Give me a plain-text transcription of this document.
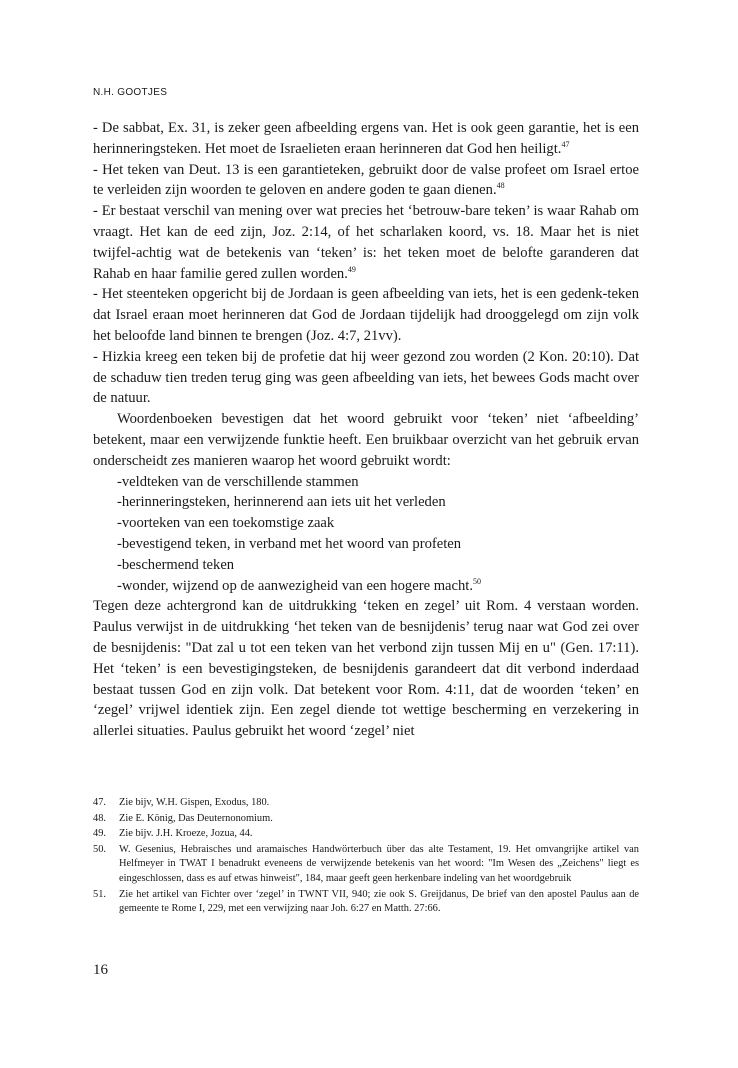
N.H. GOOTJES

- De sabbat, Ex. 31, is zeker geen afbeelding ergens van. Het is ook geen garantie, het is een herinneringsteken. Het moet de Israelieten eraan herinneren dat God hen heiligt.$^{47}$

- Het teken van Deut. 13 is een garantieteken, gebruikt door de valse profeet om Israel ertoe te verleiden zijn woorden te geloven en andere goden te gaan dienen.$^{48}$

- Er bestaat verschil van mening over wat precies het ‘betrouw-bare teken’ is waar Rahab om vraagt. Het kan de eed zijn, Joz. 2:14, of het scharlaken koord, vs. 18. Maar het is niet twijfel-achtig wat de betekenis van ‘teken’ is: het teken moet de belofte garanderen dat Rahab en haar familie gered zullen worden.$^{49}$

- Het steenteken opgericht bij de Jordaan is geen afbeelding van iets, het is een gedenk-teken dat Israel eraan moet herinneren dat God de Jordaan tijdelijk had drooggelegd om zijn volk het beloofde land binnen te brengen (Joz. 4:7, 21vv).

- Hizkia kreeg een teken bij de profetie dat hij weer gezond zou worden (2 Kon. 20:10). Dat de schaduw tien treden terug ging was geen afbeelding van iets, het bewees Gods macht over de natuur.

Woordenboeken bevestigen dat het woord gebruikt voor ‘teken’ niet ‘afbeelding’ betekent, maar een verwijzende funktie heeft. Een bruikbaar overzicht van het gebruik ervan onderscheidt zes manieren waarop het woord gebruikt wordt:

-veldteken van de verschillende stammen
-herinneringsteken, herinnerend aan iets uit het verleden
-voorteken van een toekomstige zaak
-bevestigend teken, in verband met het woord van profeten
-beschermend teken
-wonder, wijzend op de aanwezigheid van een hogere macht.$^{50}$

Tegen deze achtergrond kan de uitdrukking ‘teken en zegel’ uit Rom. 4 verstaan worden. Paulus verwijst in de uitdrukking ‘het teken van de besnijdenis’ terug naar wat God zei over de besnijdenis: "Dat zal u tot een teken van het verbond zijn tussen Mij en u" (Gen. 17:11). Het ‘teken’ is een bevestigingsteken, de besnijdenis garandeert dat dit verbond inderdaad bestaat tussen God en zijn volk. Dat betekent voor Rom. 4:11, dat de woorden ‘teken’ en ‘zegel’ vrijwel identiek zijn. Een zegel diende tot wettige bescherming en verzekering in allerlei situaties. Paulus gebruikt het woord ‘zegel’ niet

47.	Zie bijv, W.H. Gispen, Exodus, 180.
48.	Zie E. König, Das Deuternonomium.
49.	Zie bijv. J.H. Kroeze, Jozua, 44.
50.	W. Gesenius, Hebraisches und aramaisches Handwörterbuch über das alte Testament, 19. Het omvangrijke artikel van Helfmeyer in TWAT I benadrukt eveneens de verwijzende betekenis van het woord: "Im Wesen des „Zeichens" liegt es eingeschlossen, dass es auf etwas hinweist", 184, maar geeft geen herkenbare indeling van het woordgebruik
51.	Zie het artikel van Fichter over ‘zegel’ in TWNT VII, 940; zie ook S. Greijdanus, De brief van den apostel Paulus aan de gemeente te Rome I, 229, met een verwijzing naar Joh. 6:27 en Matth. 27:66.
16
